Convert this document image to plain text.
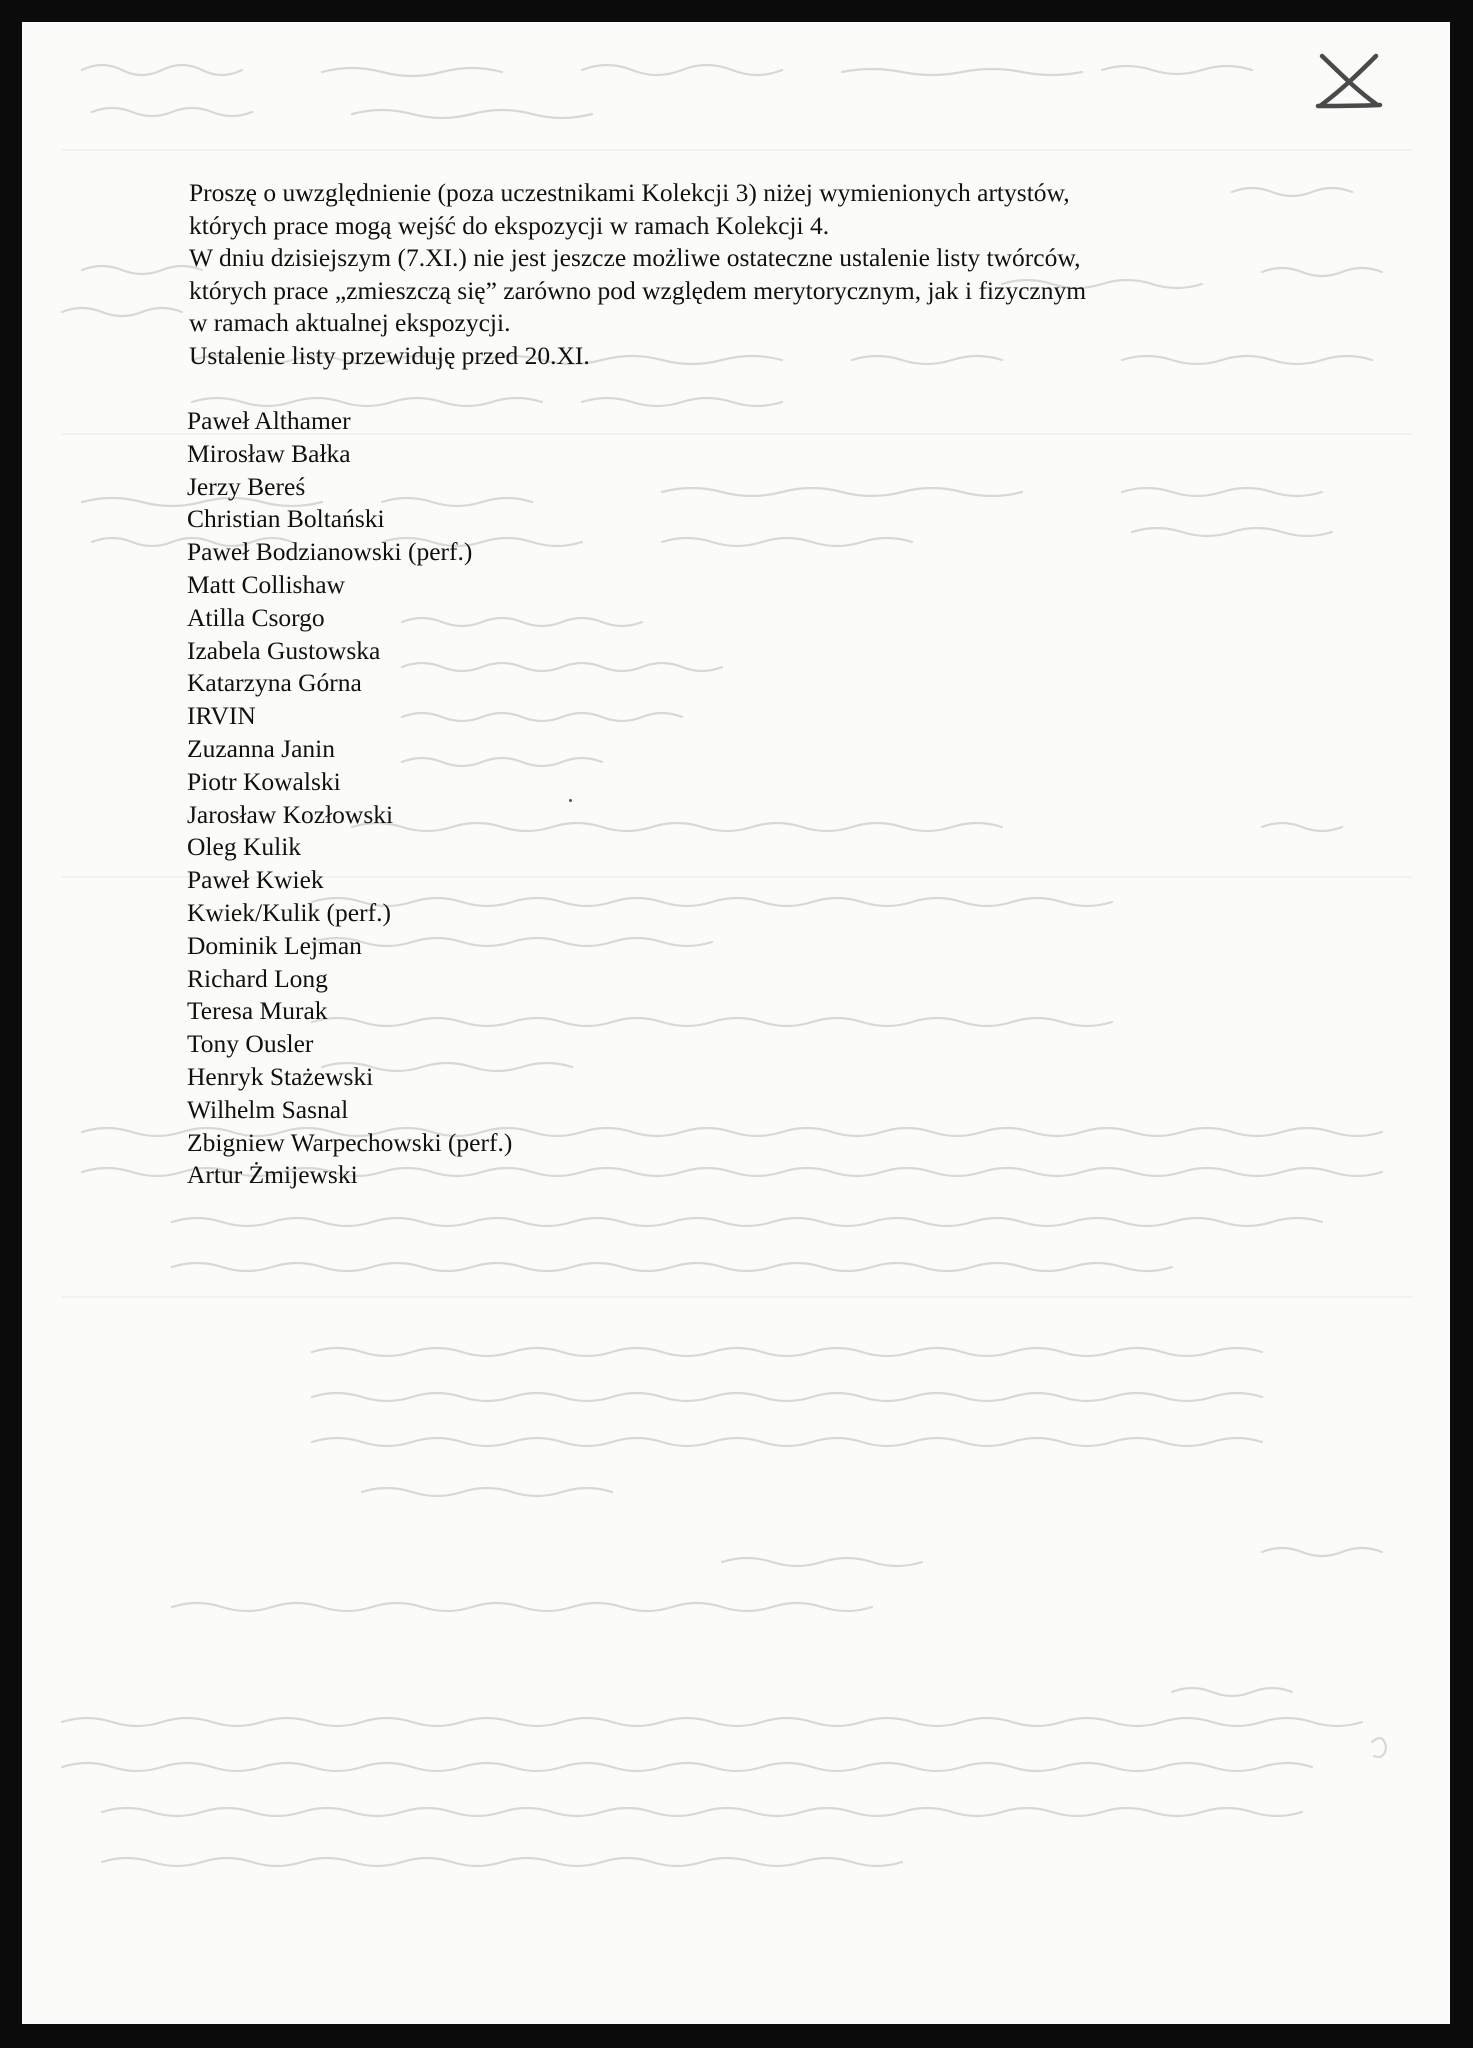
Proszę o uwzględnienie (poza uczestnikami Kolekcji 3) niżej wymienionych artystów,

których prace mogą wejść do ekspozycji w ramach Kolekcji 4.

W dniu dzisiejszym (7.XI.) nie jest jeszcze możliwe ostateczne ustalenie listy twórców,

których prace „zmieszczą się” zarówno pod względem merytorycznym, jak i fizycznym

w ramach aktualnej ekspozycji.

Ustalenie listy przewiduję przed 20.XI.

Paweł Althamer
Mirosław Bałka
Jerzy Bereś
Christian Boltański
Paweł Bodzianowski (perf.)
Matt Collishaw
Atilla Csorgo
Izabela Gustowska
Katarzyna Górna
IRVIN
Zuzanna Janin
Piotr Kowalski
Jarosław Kozłowski
Oleg Kulik
Paweł Kwiek
Kwiek/Kulik (perf.)
Dominik Lejman
Richard Long
Teresa Murak
Tony Ousler
Henryk Stażewski
Wilhelm Sasnal
Zbigniew Warpechowski (perf.)
Artur Żmijewski
